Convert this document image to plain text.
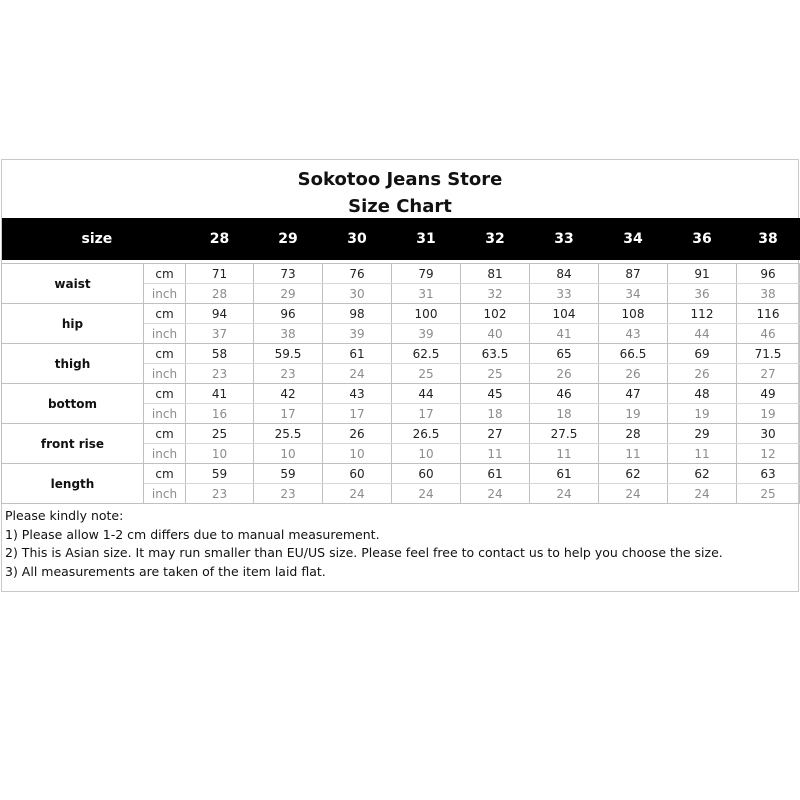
Sokotoo Jeans Store
Size Chart
size		28	29	30	31	32	33	34	36	38

waist	cm	71	73	76	79	81	84	87	91	96
	inch	28	29	30	31	32	33	34	36	38
hip	cm	94	96	98	100	102	104	108	112	116
	inch	37	38	39	39	40	41	43	44	46
thigh	cm	58	59.5	61	62.5	63.5	65	66.5	69	71.5
	inch	23	23	24	25	25	26	26	26	27
bottom	cm	41	42	43	44	45	46	47	48	49
	inch	16	17	17	17	18	18	19	19	19
front rise	cm	25	25.5	26	26.5	27	27.5	28	29	30
	inch	10	10	10	10	11	11	11	11	12
length	cm	59	59	60	60	61	61	62	62	63
	inch	23	23	24	24	24	24	24	24	25
Please kindly note:
1) Please allow 1-2 cm differs due to manual measurement.
2) This is Asian size. It may run smaller than EU/US size. Please feel free to contact us to help you choose the size.
3) All measurements are taken of the item laid flat.
